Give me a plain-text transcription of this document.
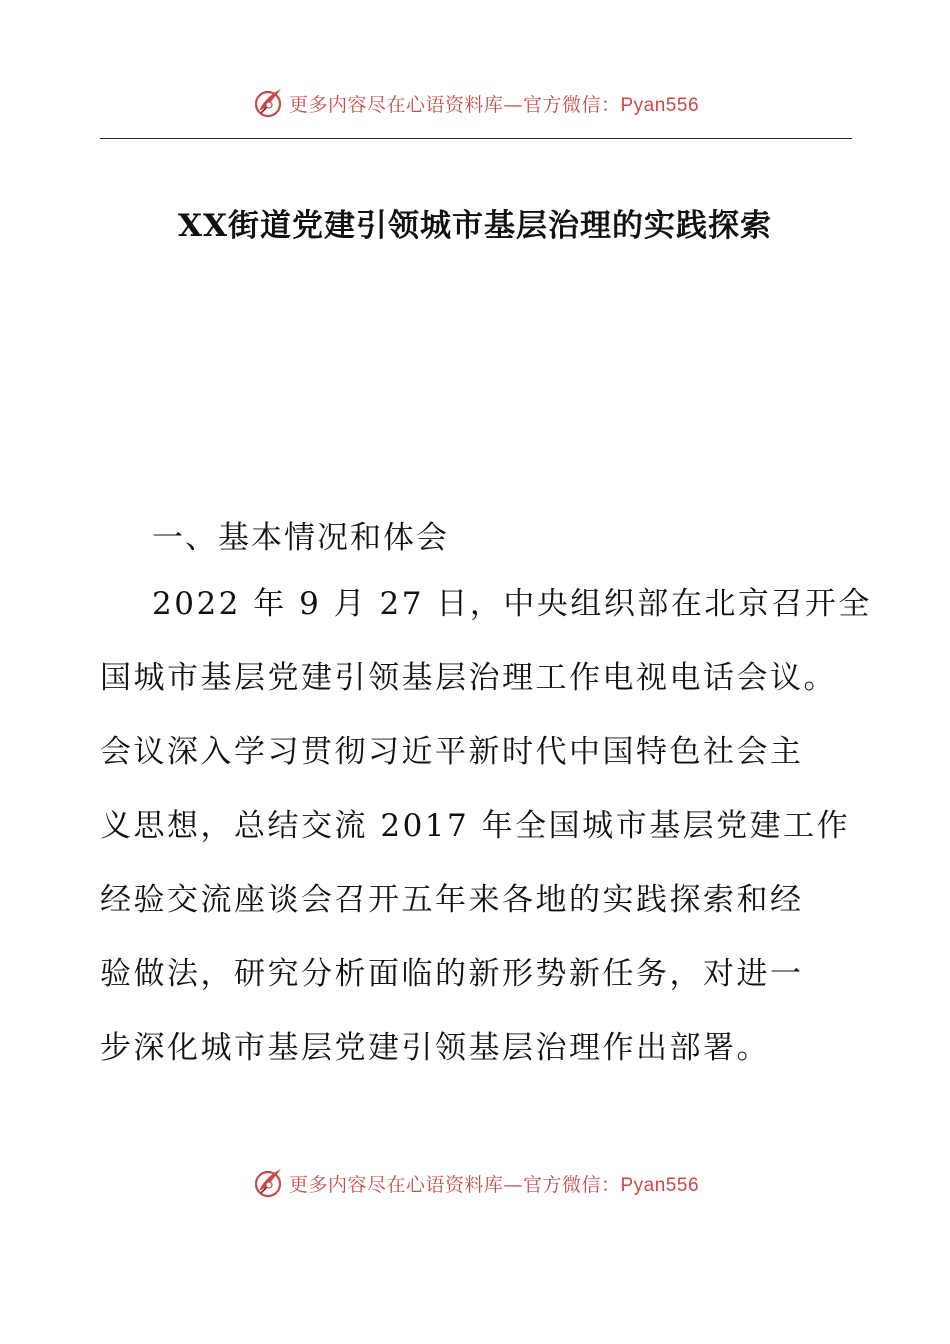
更多内容尽在心语资料库—官方微信：Pyan556
XX街道党建引领城市基层治理的实践探索
一、基本情况和体会

2022 年 9 月 27 日，中央组织部在北京召开全

国城市基层党建引领基层治理工作电视电话会议。

会议深入学习贯彻习近平新时代中国特色社会主

义思想，总结交流 2017 年全国城市基层党建工作

经验交流座谈会召开五年来各地的实践探索和经

验做法，研究分析面临的新形势新任务，对进一

步深化城市基层党建引领基层治理作出部署。

更多内容尽在心语资料库—官方微信：Pyan556
